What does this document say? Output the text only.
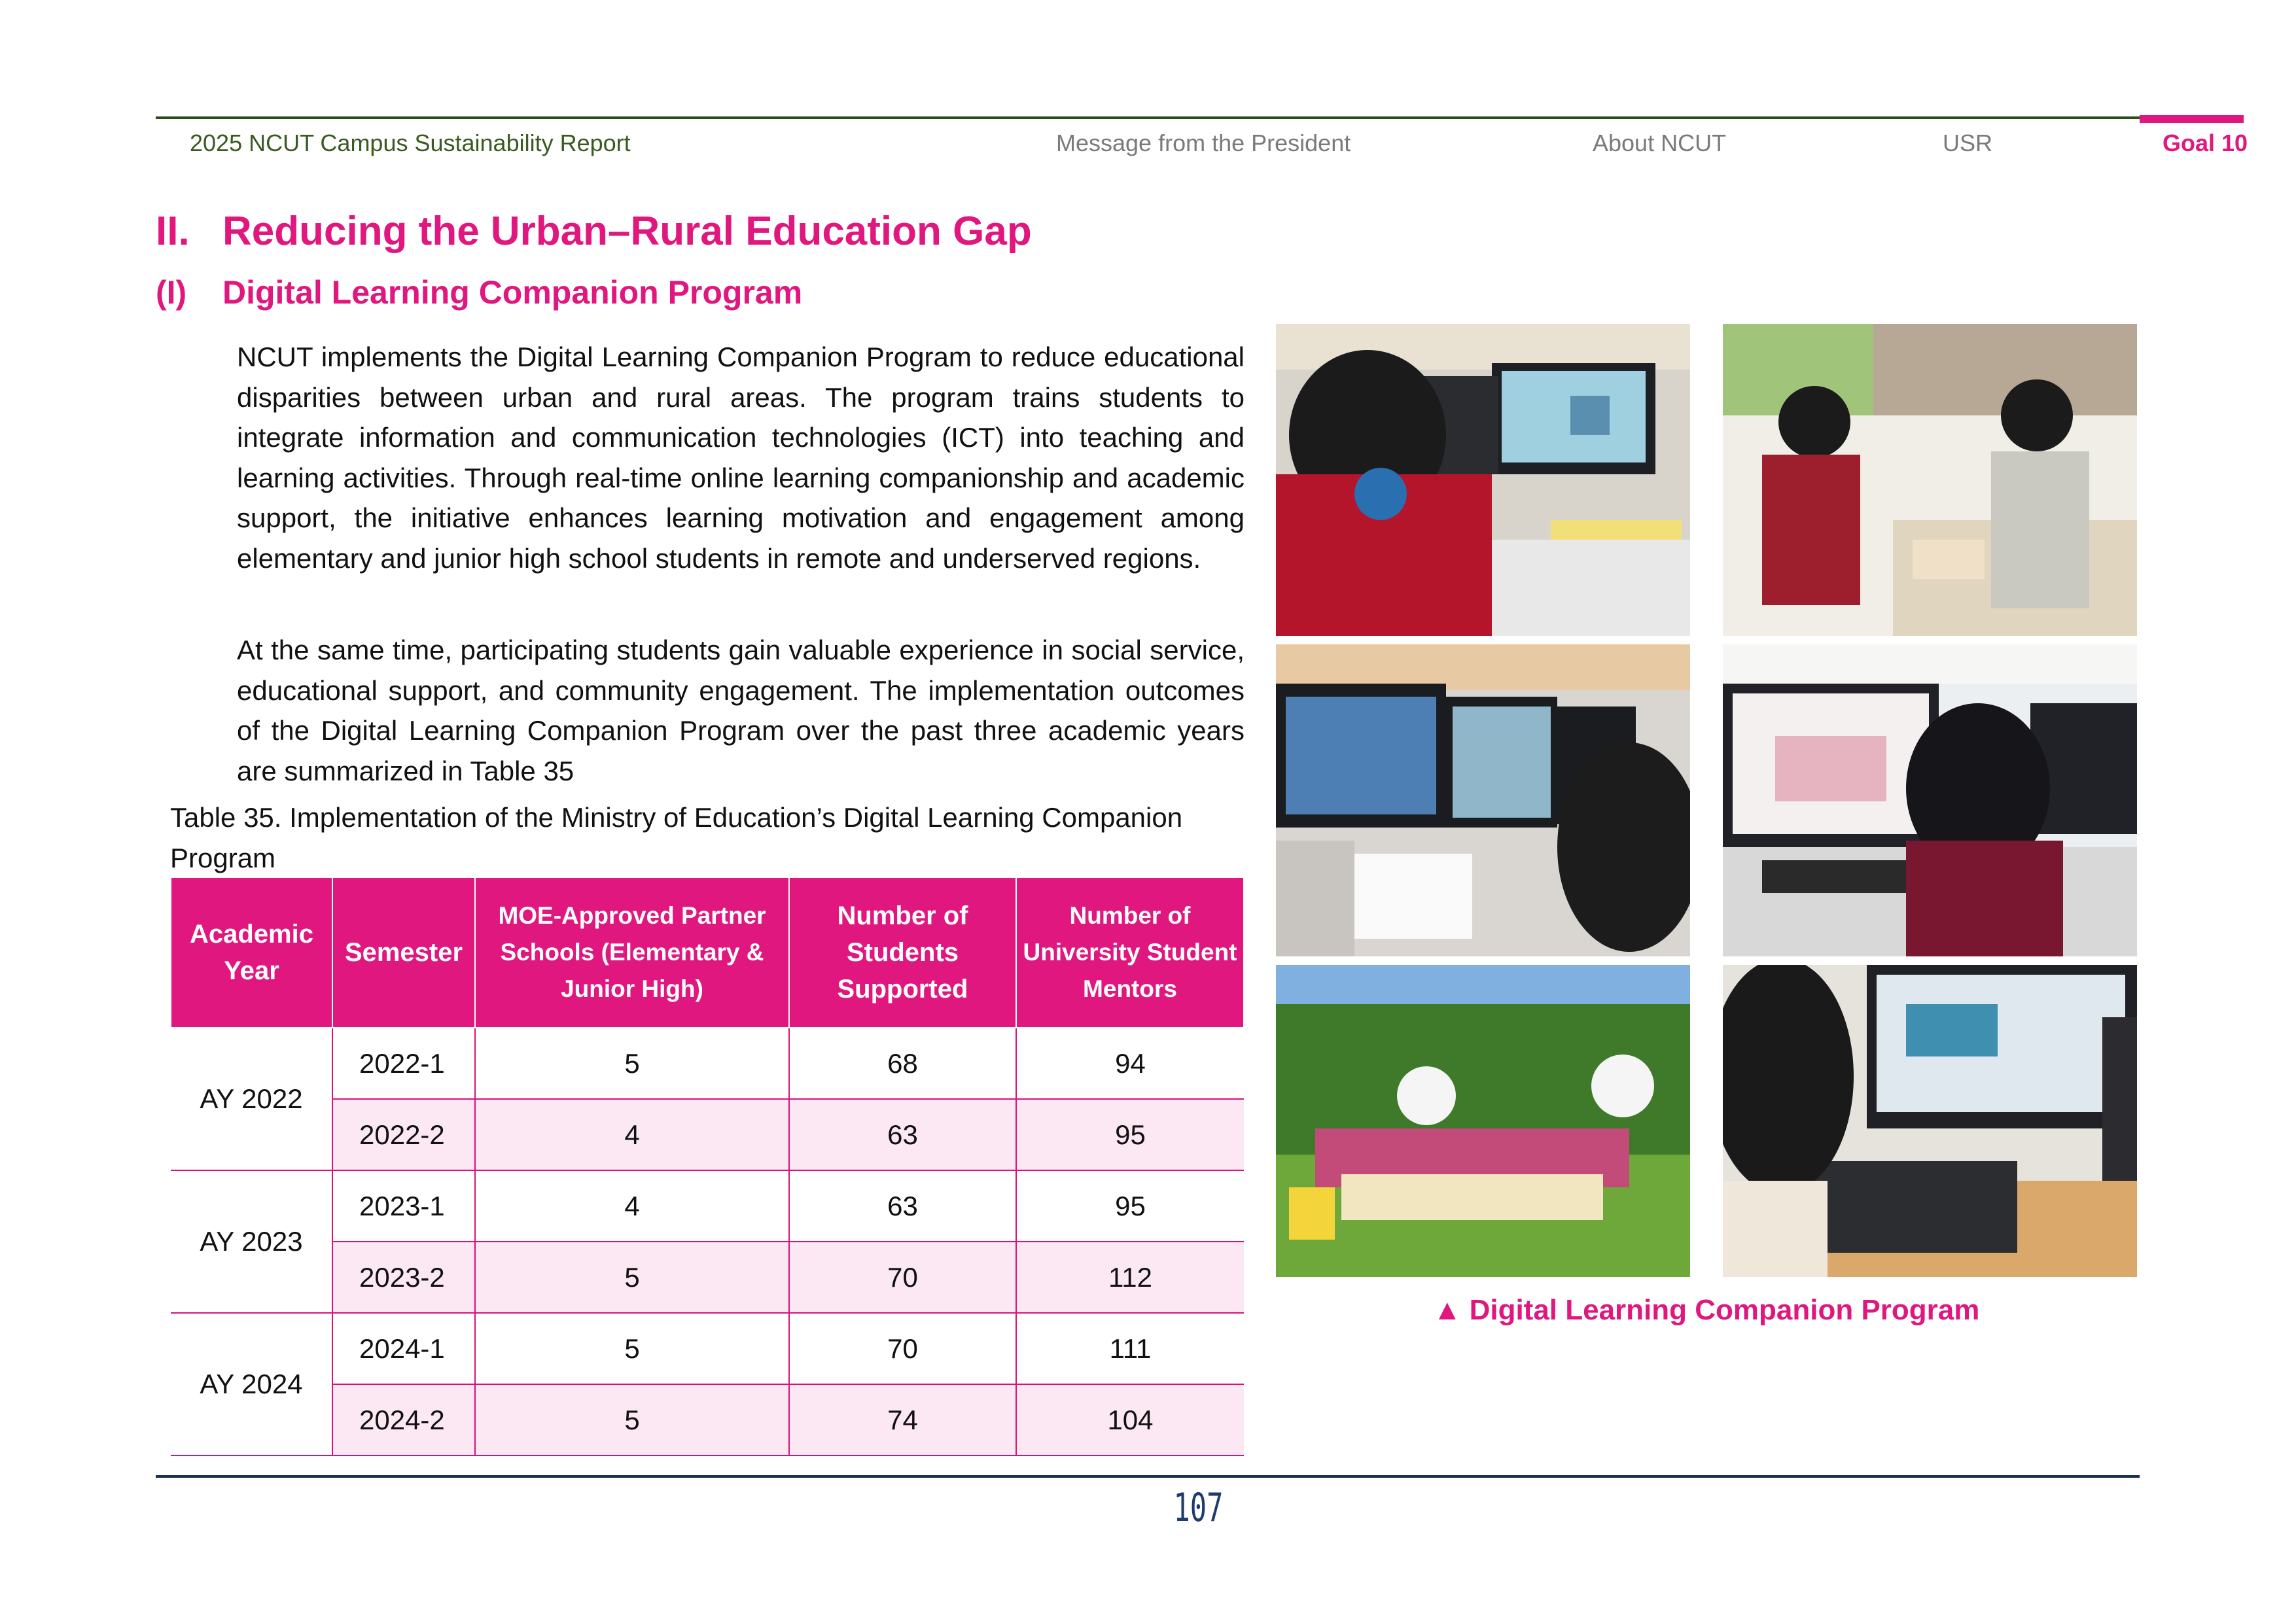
2025 NCUT Campus Sustainability Report	Message from the President	About NCUT	USR	Goal 10
II. Reducing the Urban–Rural Education Gap
(I) Digital Learning Companion Program
NCUT implements the Digital Learning Companion Program to reduce educational disparities between urban and rural areas. The program trains students to integrate information and communication technologies (ICT) into teaching and learning activities. Through real-time online learning companionship and academic support, the initiative enhances learning motivation and engagement among elementary and junior high school students in remote and underserved regions.
At the same time, participating students gain valuable experience in social service, educational support, and community engagement. The implementation outcomes of the Digital Learning Companion Program over the past three academic years are summarized in Table 35
Table 35. Implementation of the Ministry of Education’s Digital Learning Companion Program
Academic Year	Semester	MOE-Approved Partner Schools (Elementary & Junior High)	Number of Students Supported	Number of University Student Mentors
AY 2022	2022-1	5	68	94
	2022-2	4	63	95
AY 2023	2023-1	4	63	95
	2023-2	5	70	112
AY 2024	2024-1	5	70	111
	2024-2	5	74	104
▲ Digital Learning Companion Program
107
